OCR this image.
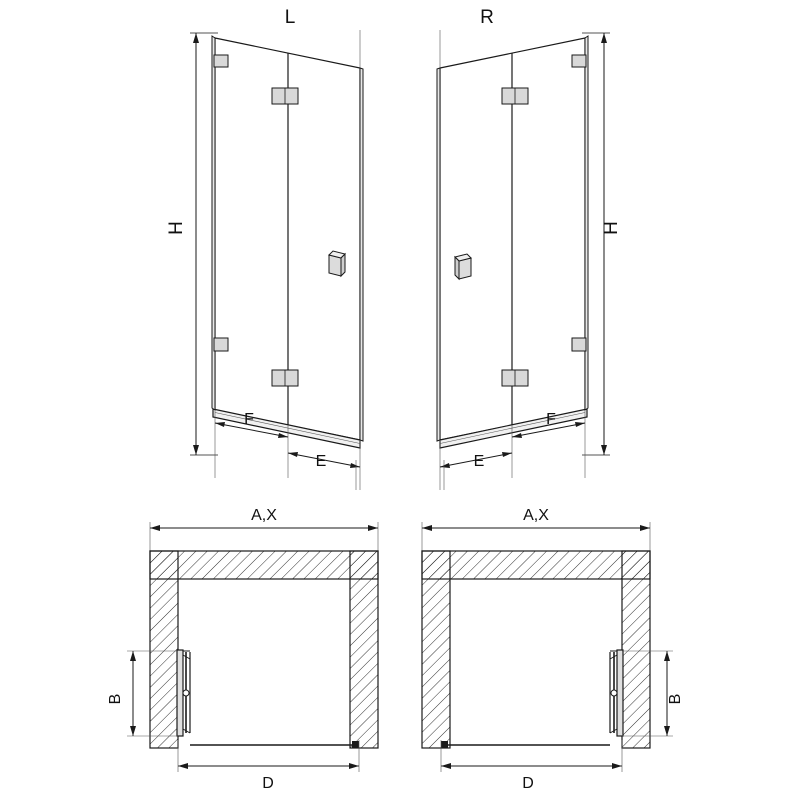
L
H
F
E
R
H
E
F
A,X
B
D
A,X
B
D
